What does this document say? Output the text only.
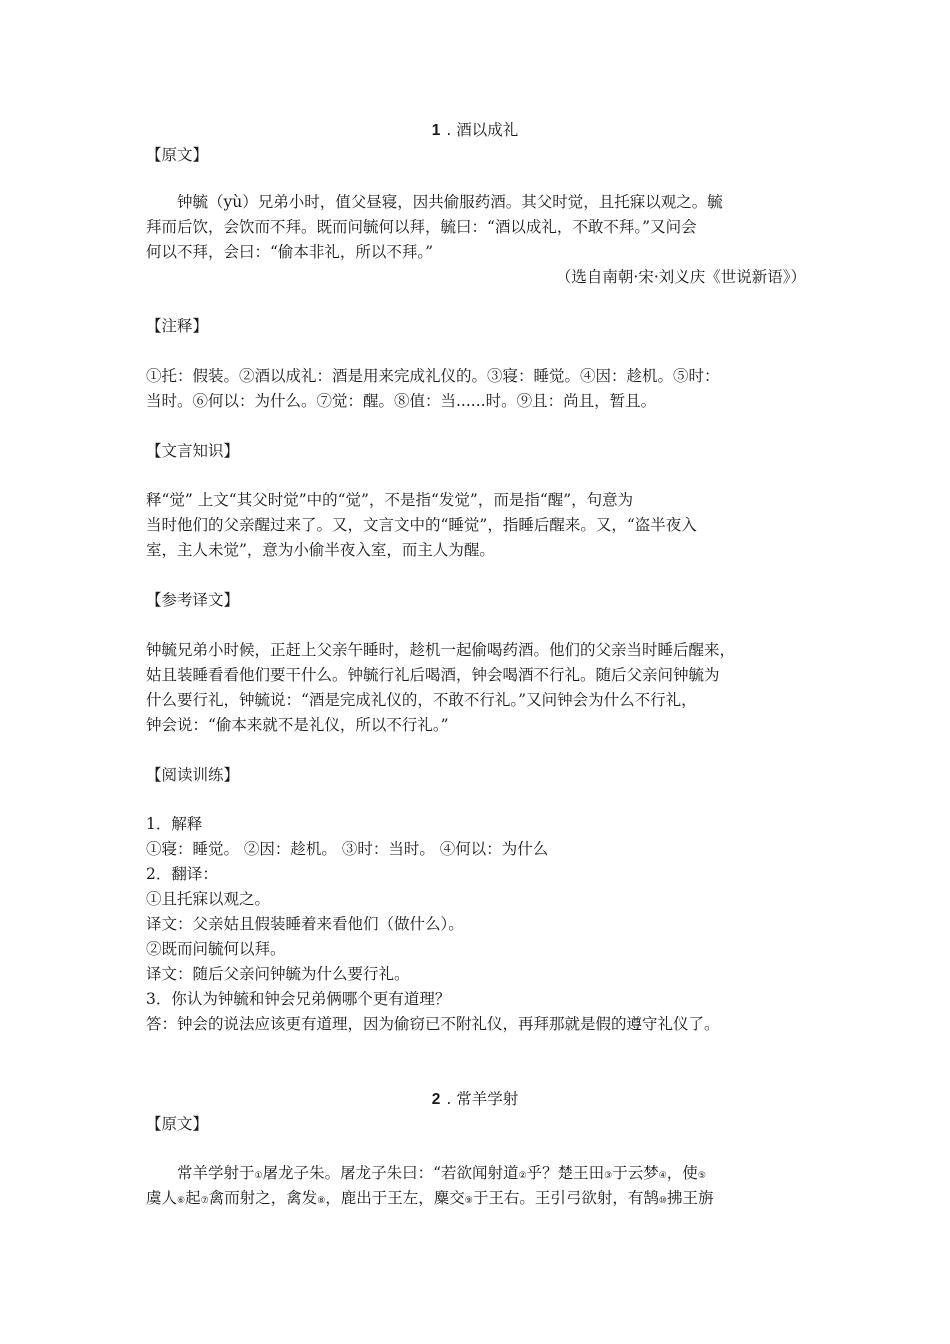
1 . 酒以成礼
【原文】
钟毓（yù）兄弟小时，值父昼寝，因共偷服药酒。其父时觉，且托寐以观之。毓
拜而后饮，会饮而不拜。既而问毓何以拜，毓曰：“酒以成礼，不敢不拜。”又问会
何以不拜，会曰：“偷本非礼，所以不拜。”
（选自南朝·宋·刘义庆《世说新语》）
【注释】
①托：假装。②酒以成礼：酒是用来完成礼仪的。③寝：睡觉。④因：趁机。⑤时：
当时。⑥何以：为什么。⑦觉：醒。⑧值：当......时。⑨且：尚且，暂且。
【文言知识】
释“觉” 上文“其父时觉”中的“觉”，不是指“发觉”，而是指“醒”，句意为
当时他们的父亲醒过来了。又，文言文中的“睡觉”，指睡后醒来。又，“盗半夜入
室，主人未觉”，意为小偷半夜入室，而主人为醒。
【参考译文】
钟毓兄弟小时候，正赶上父亲午睡时，趁机一起偷喝药酒。他们的父亲当时睡后醒来，
姑且装睡看看他们要干什么。钟毓行礼后喝酒，钟会喝酒不行礼。随后父亲问钟毓为
什么要行礼，钟毓说：“酒是完成礼仪的，不敢不行礼。”又问钟会为什么不行礼，
钟会说：“偷本来就不是礼仪，所以不行礼。”
【阅读训练】
1．解释
①寝：睡觉。 ②因：趁机。 ③时：当时。 ④何以：为什么
2．翻译：
①且托寐以观之。
译文：父亲姑且假装睡着来看他们（做什么）。
②既而问毓何以拜。
译文：随后父亲问钟毓为什么要行礼。
3．你认为钟毓和钟会兄弟俩哪个更有道理？
答：钟会的说法应该更有道理，因为偷窃已不附礼仪，再拜那就是假的遵守礼仪了。
2 . 常羊学射
【原文】
常羊学射于①屠龙子朱。屠龙子朱曰：“若欲闻射道②乎？楚王田③于云梦④，使⑤
虞人⑥起⑦禽而射之，禽发⑧，鹿出于王左，麋交⑨于王右。王引弓欲射，有鹄⑩拂王旃
